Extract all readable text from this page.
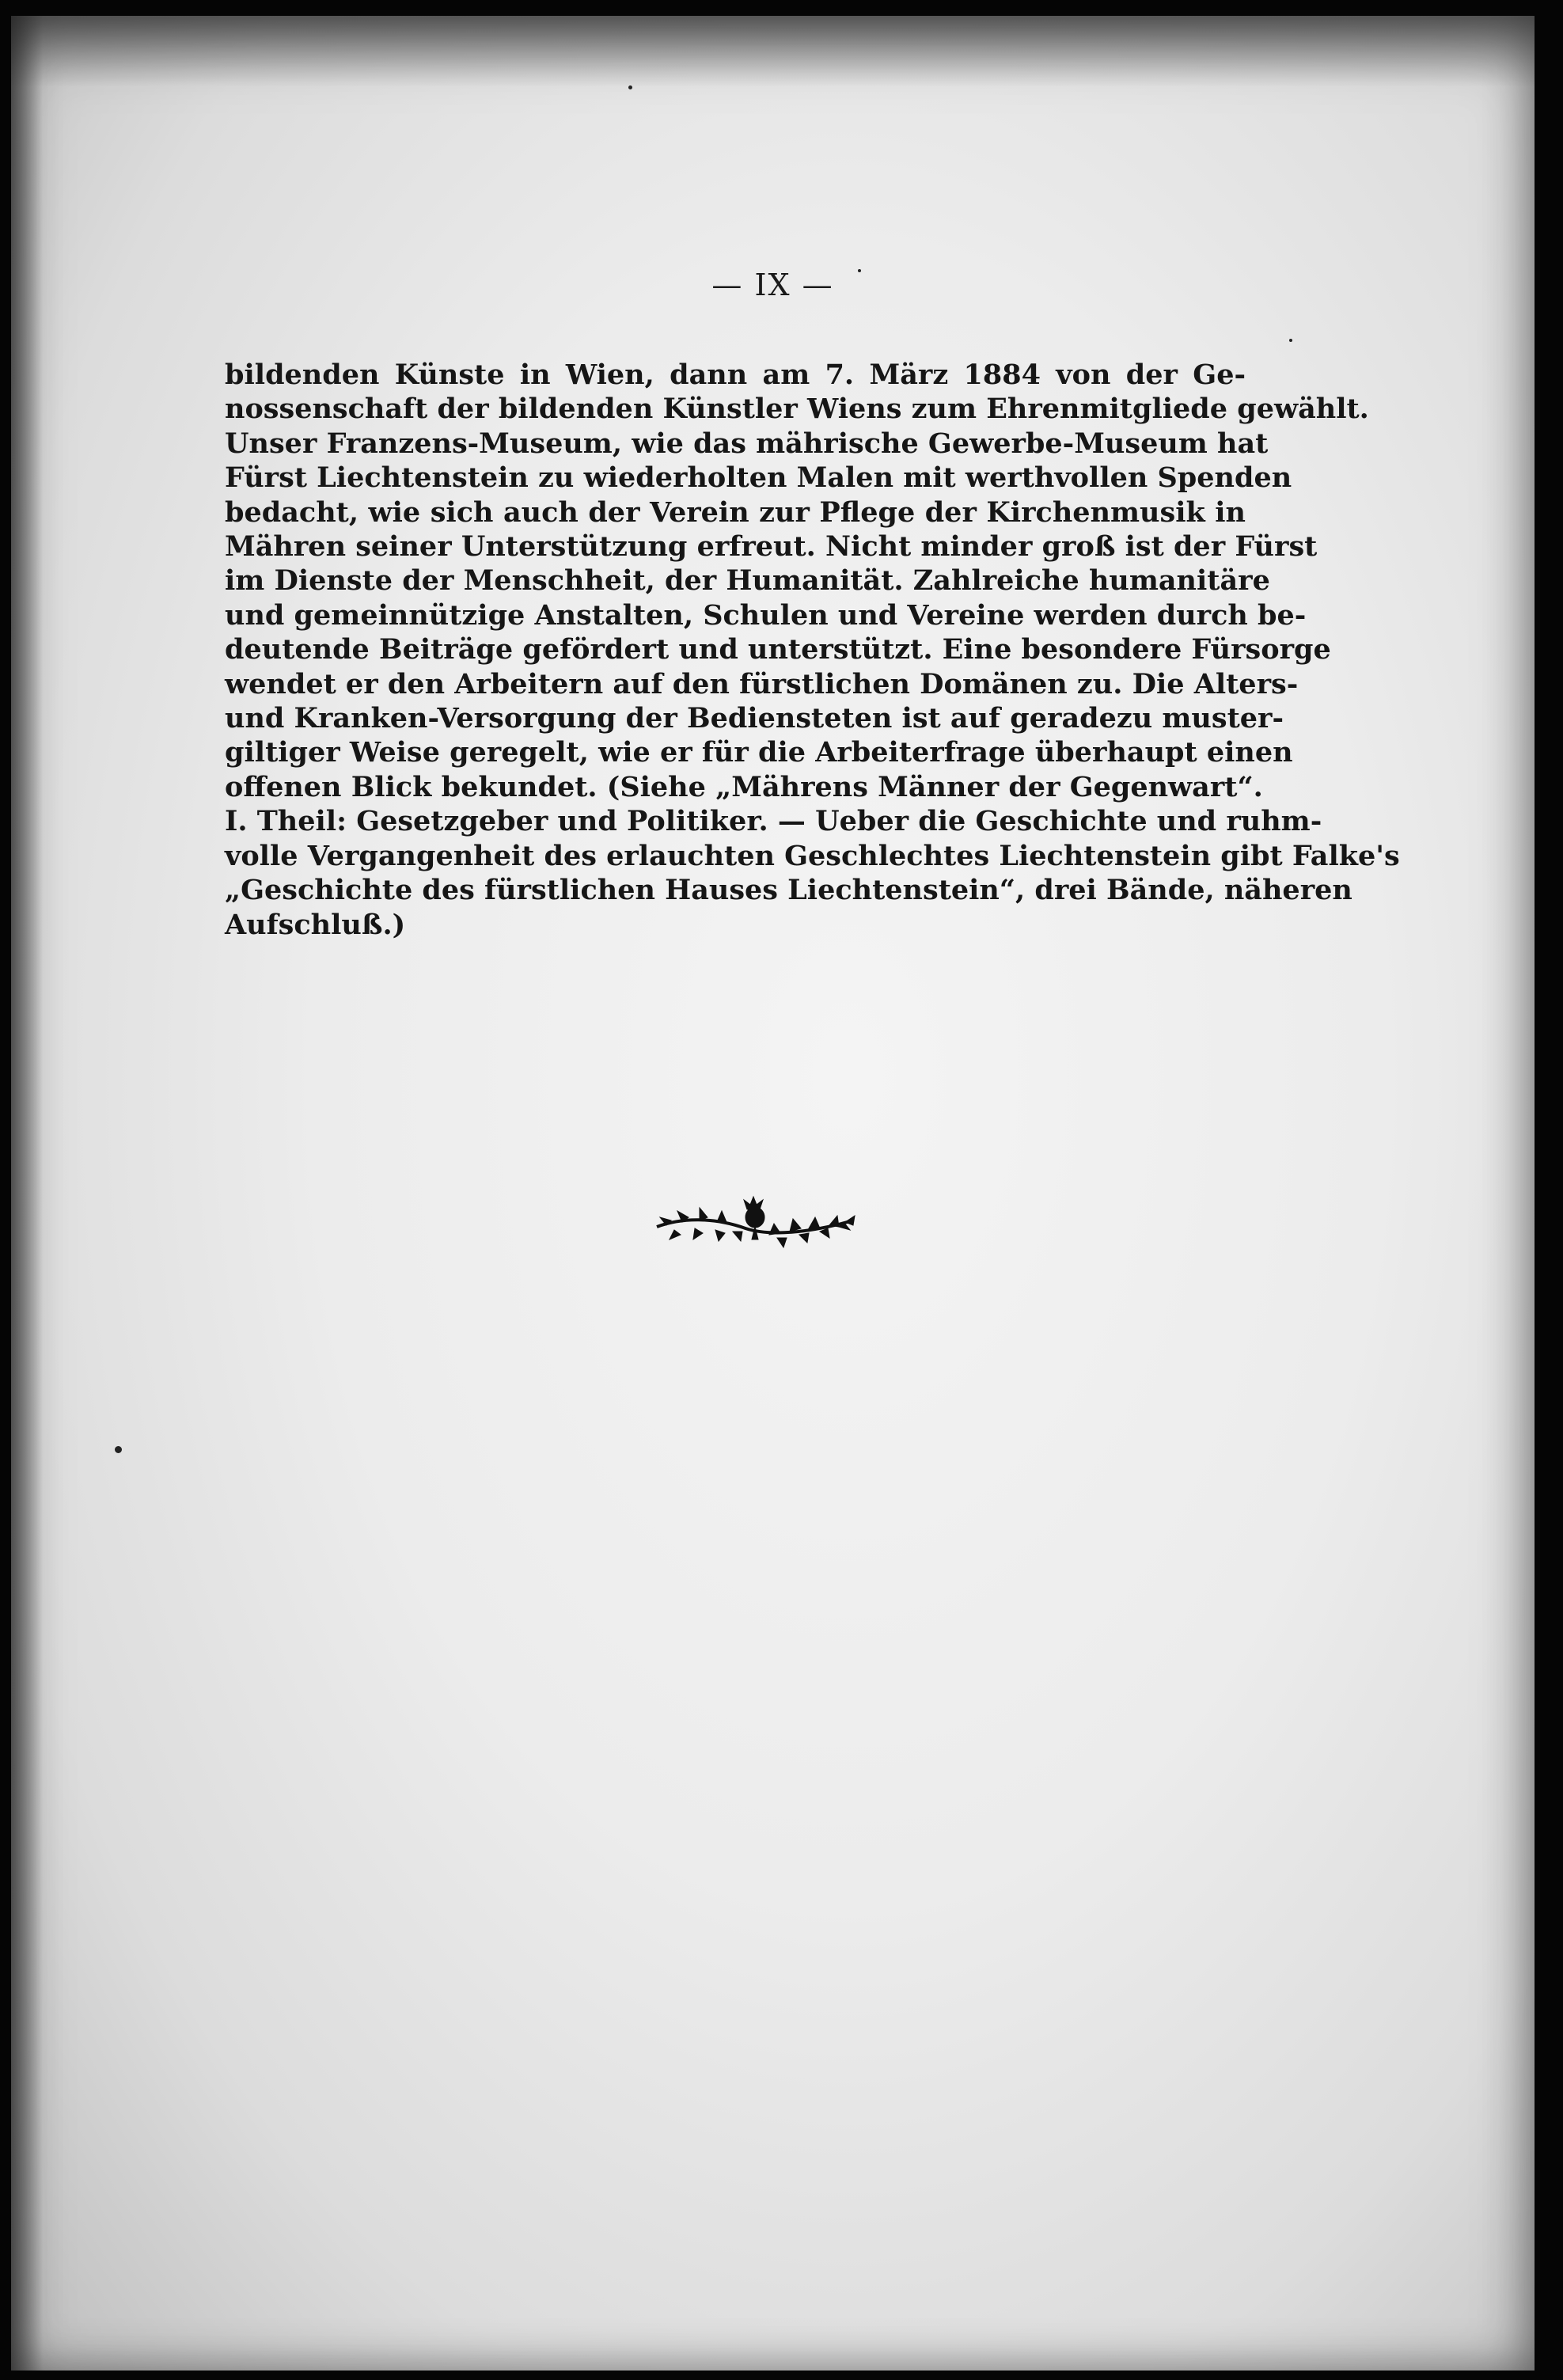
— IX —
bildenden Künste in Wien, dann am 7. März 1884 von der Ge-
nossenschaft der bildenden Künstler Wiens zum Ehrenmitgliede gewählt.
Unser Franzens-Museum, wie das mährische Gewerbe-Museum hat
Fürst Liechtenstein zu wiederholten Malen mit werthvollen Spenden
bedacht, wie sich auch der Verein zur Pflege der Kirchenmusik in
Mähren seiner Unterstützung erfreut. Nicht minder groß ist der Fürst
im Dienste der Menschheit, der Humanität. Zahlreiche humanitäre
und gemeinnützige Anstalten, Schulen und Vereine werden durch be-
deutende Beiträge gefördert und unterstützt. Eine besondere Fürsorge
wendet er den Arbeitern auf den fürstlichen Domänen zu. Die Alters-
und Kranken-Versorgung der Bediensteten ist auf geradezu muster-
giltiger Weise geregelt, wie er für die Arbeiterfrage überhaupt einen
offenen Blick bekundet. (Siehe „Mährens Männer der Gegenwart“.
I. Theil: Gesetzgeber und Politiker. — Ueber die Geschichte und ruhm-
volle Vergangenheit des erlauchten Geschlechtes Liechtenstein gibt Falke's
„Geschichte des fürstlichen Hauses Liechtenstein“, drei Bände, näheren
Aufschluß.)
